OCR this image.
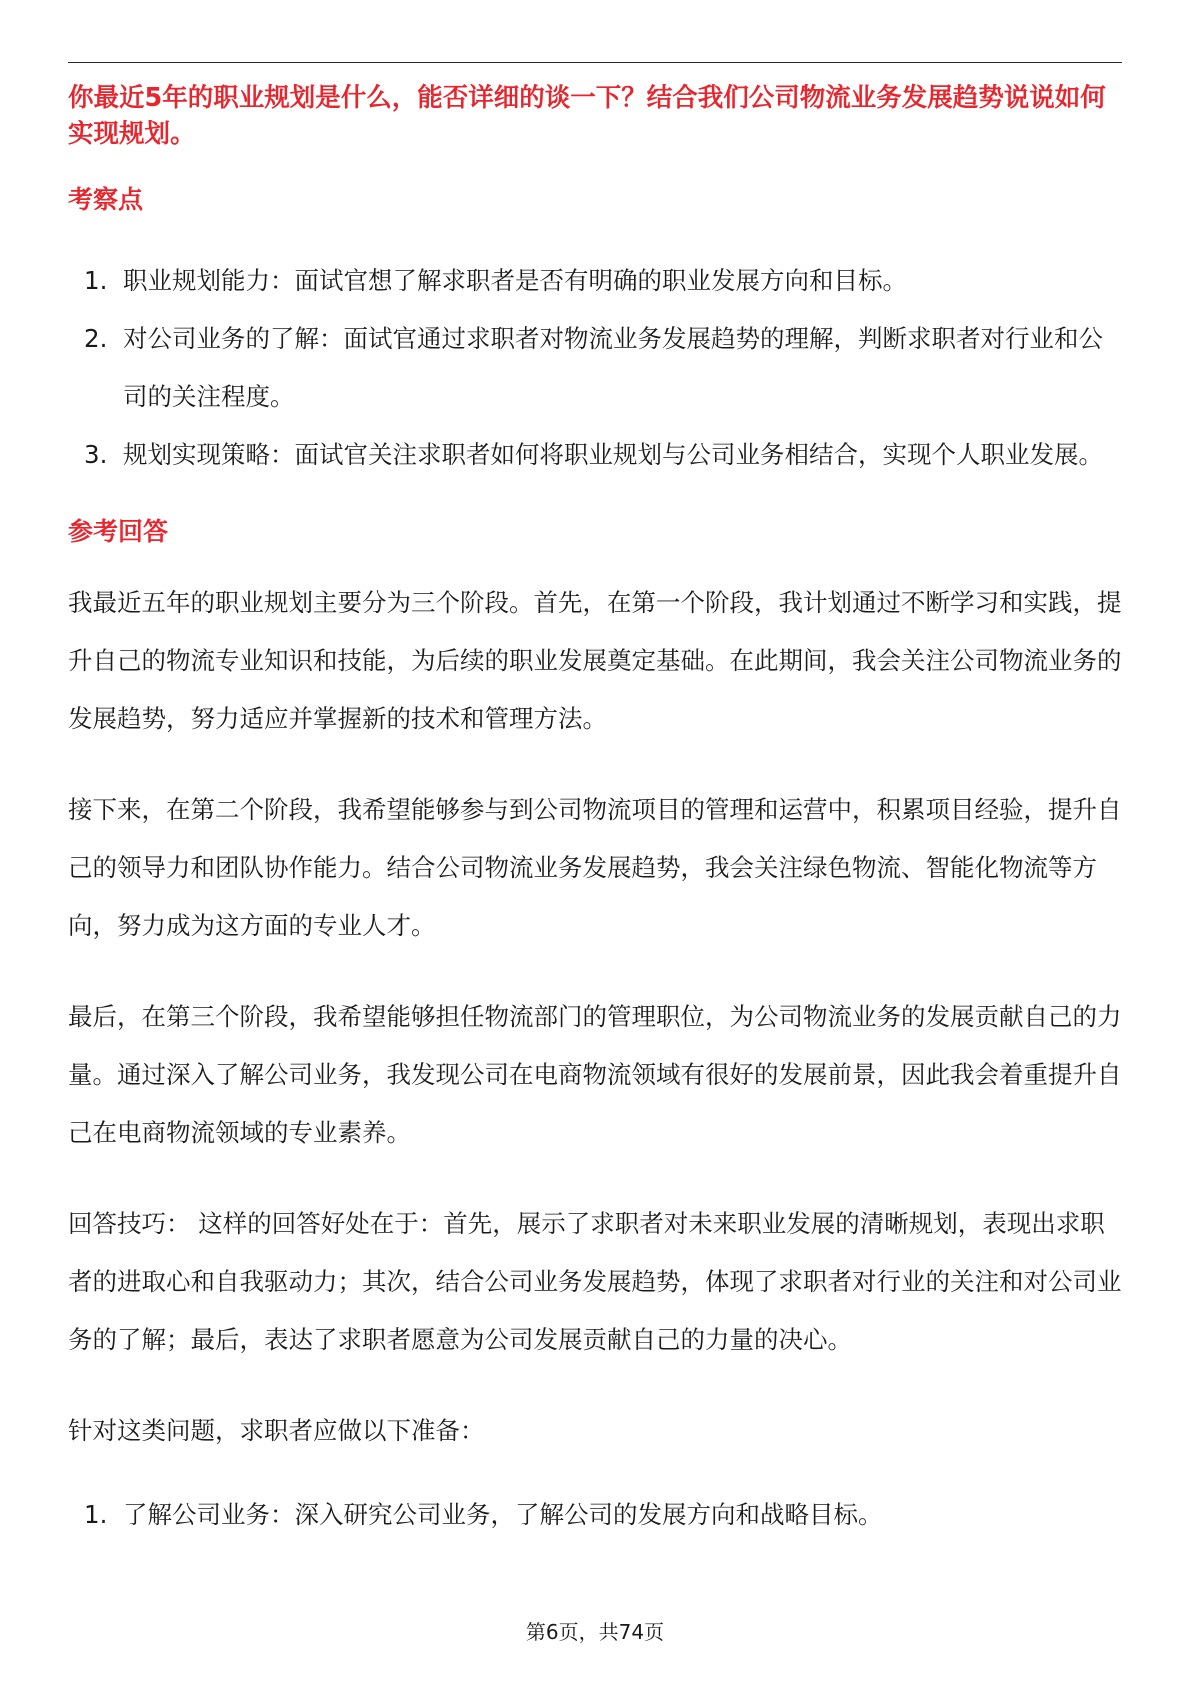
你最近5年的职业规划是什么，能否详细的谈一下？结合我们公司物流业务发展趋势说说如何实现规划。

考察点
1. 职业规划能力：面试官想了解求职者是否有明确的职业发展方向和目标。
2. 对公司业务的了解：面试官通过求职者对物流业务发展趋势的理解，判断求职者对行业和公司的关注程度。
3. 规划实现策略：面试官关注求职者如何将职业规划与公司业务相结合，实现个人职业发展。
参考回答

我最近五年的职业规划主要分为三个阶段。首先，在第一个阶段，我计划通过不断学习和实践，提升自己的物流专业知识和技能，为后续的职业发展奠定基础。在此期间，我会关注公司物流业务的发展趋势，努力适应并掌握新的技术和管理方法。

接下来，在第二个阶段，我希望能够参与到公司物流项目的管理和运营中，积累项目经验，提升自己的领导力和团队协作能力。结合公司物流业务发展趋势，我会关注绿色物流、智能化物流等方向，努力成为这方面的专业人才。

最后，在第三个阶段，我希望能够担任物流部门的管理职位，为公司物流业务的发展贡献自己的力量。通过深入了解公司业务，我发现公司在电商物流领域有很好的发展前景，因此我会着重提升自己在电商物流领域的专业素养。

回答技巧： 这样的回答好处在于：首先，展示了求职者对未来职业发展的清晰规划，表现出求职者的进取心和自我驱动力；其次，结合公司业务发展趋势，体现了求职者对行业的关注和对公司业务的了解；最后，表达了求职者愿意为公司发展贡献自己的力量的决心。

针对这类问题，求职者应做以下准备：

1. 了解公司业务：深入研究公司业务，了解公司的发展方向和战略目标。
第6页，共74页
